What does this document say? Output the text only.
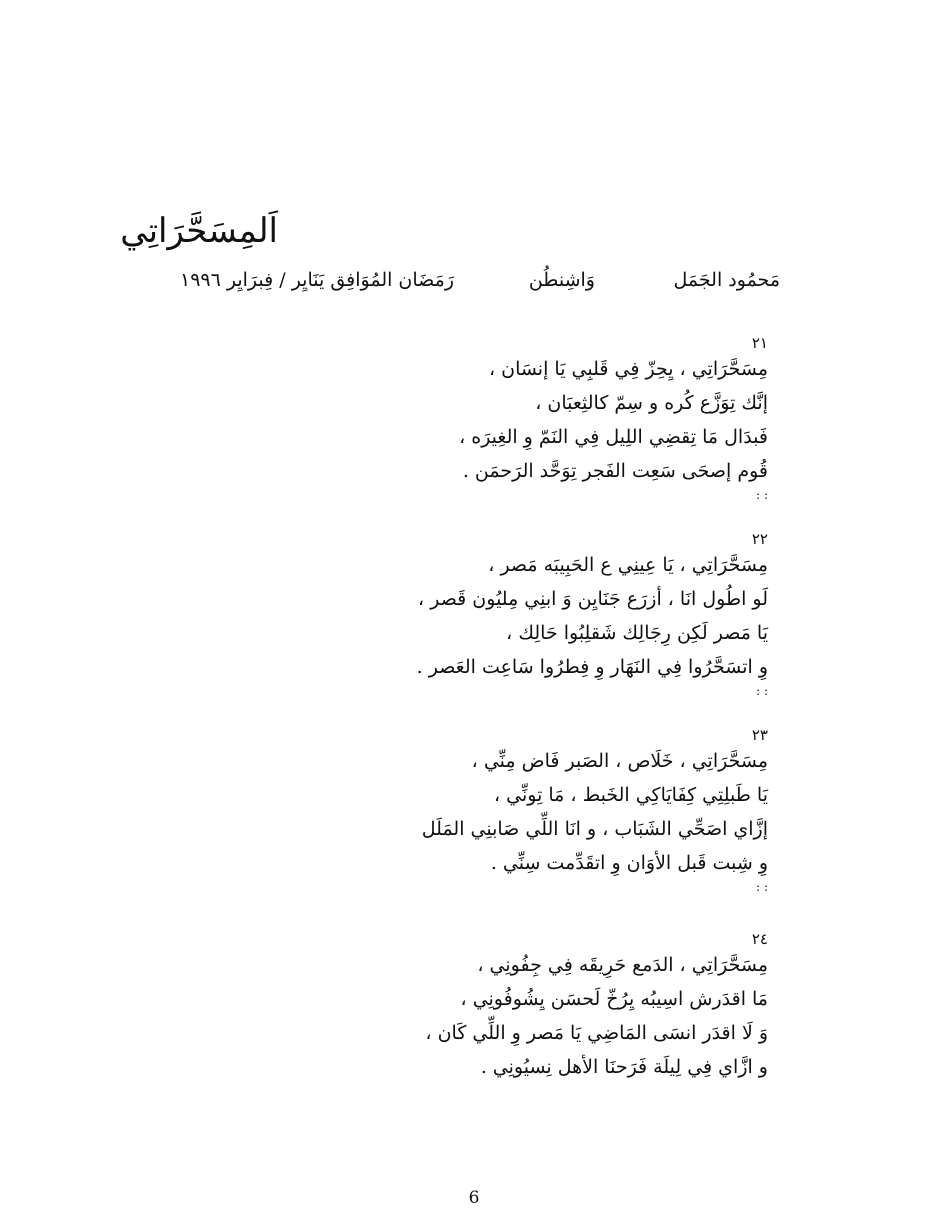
اَلمِسَحَّرَاتِي
مَحمُود الجَمَل
وَاشِنطُن
رَمَضَان المُوَافِق يَنَايِر / فِبرَايِر ١٩٩٦
٢١
مِسَحَّرَاتِي ، يِحِزّ فِي قَلبِي يَا إنسَان ،
إنَّك تِوَزَّع كُره و سِمّ كالثِعبَان ،
فَبدَال مَا تِقضِي اللِيل فِي النَمّ وِ الغِيرَه ،
قُوم إصحَى سَعِت الفَجر تِوَحَّد الرَحمَن .
: :
٢٢
مِسَحَّرَاتِي ، يَا عِينِي ع الحَبِيبَه مَصر ،
لَو اطُول انَا ، أزرَع جَنَايِن وَ ابنِي مِليُون قَصر ،
يَا مَصر لَكِن رِجَالِك شَقلِبُوا حَالِك ،
وِ اتسَحَّرُوا فِي النَهَار وِ فِطرُوا سَاعِت العَصر .
: :
٢٣
مِسَحَّرَاتِي ، خَلَاص ، الصَبر فَاض مِنِّي ،
يَا طَبلِتِي كِفَايَاكِي الخَبط ، مَا تِونِّي ،
إزَّاي اصَحِّي الشَبَاب ، و انَا اللِّي صَابنِي المَلَل
وِ شِبت قَبل الأوَان وِ اتقَدِّمت سِنِّي .
: :
٢٤
مِسَحَّرَاتِي ، الدَمع حَرِيقَه فِي جِفُونِي ،
مَا اقدَرش اسِيبُه يِرُخّ لَحسَن يِشُوفُونِي ،
وَ لَا اقدَر انسَى المَاضِي يَا مَصر وِ اللِّي كَان ،
و ازَّاي فِي لِيلَة فَرَحنَا الأهل نِسيُونِي .
6
